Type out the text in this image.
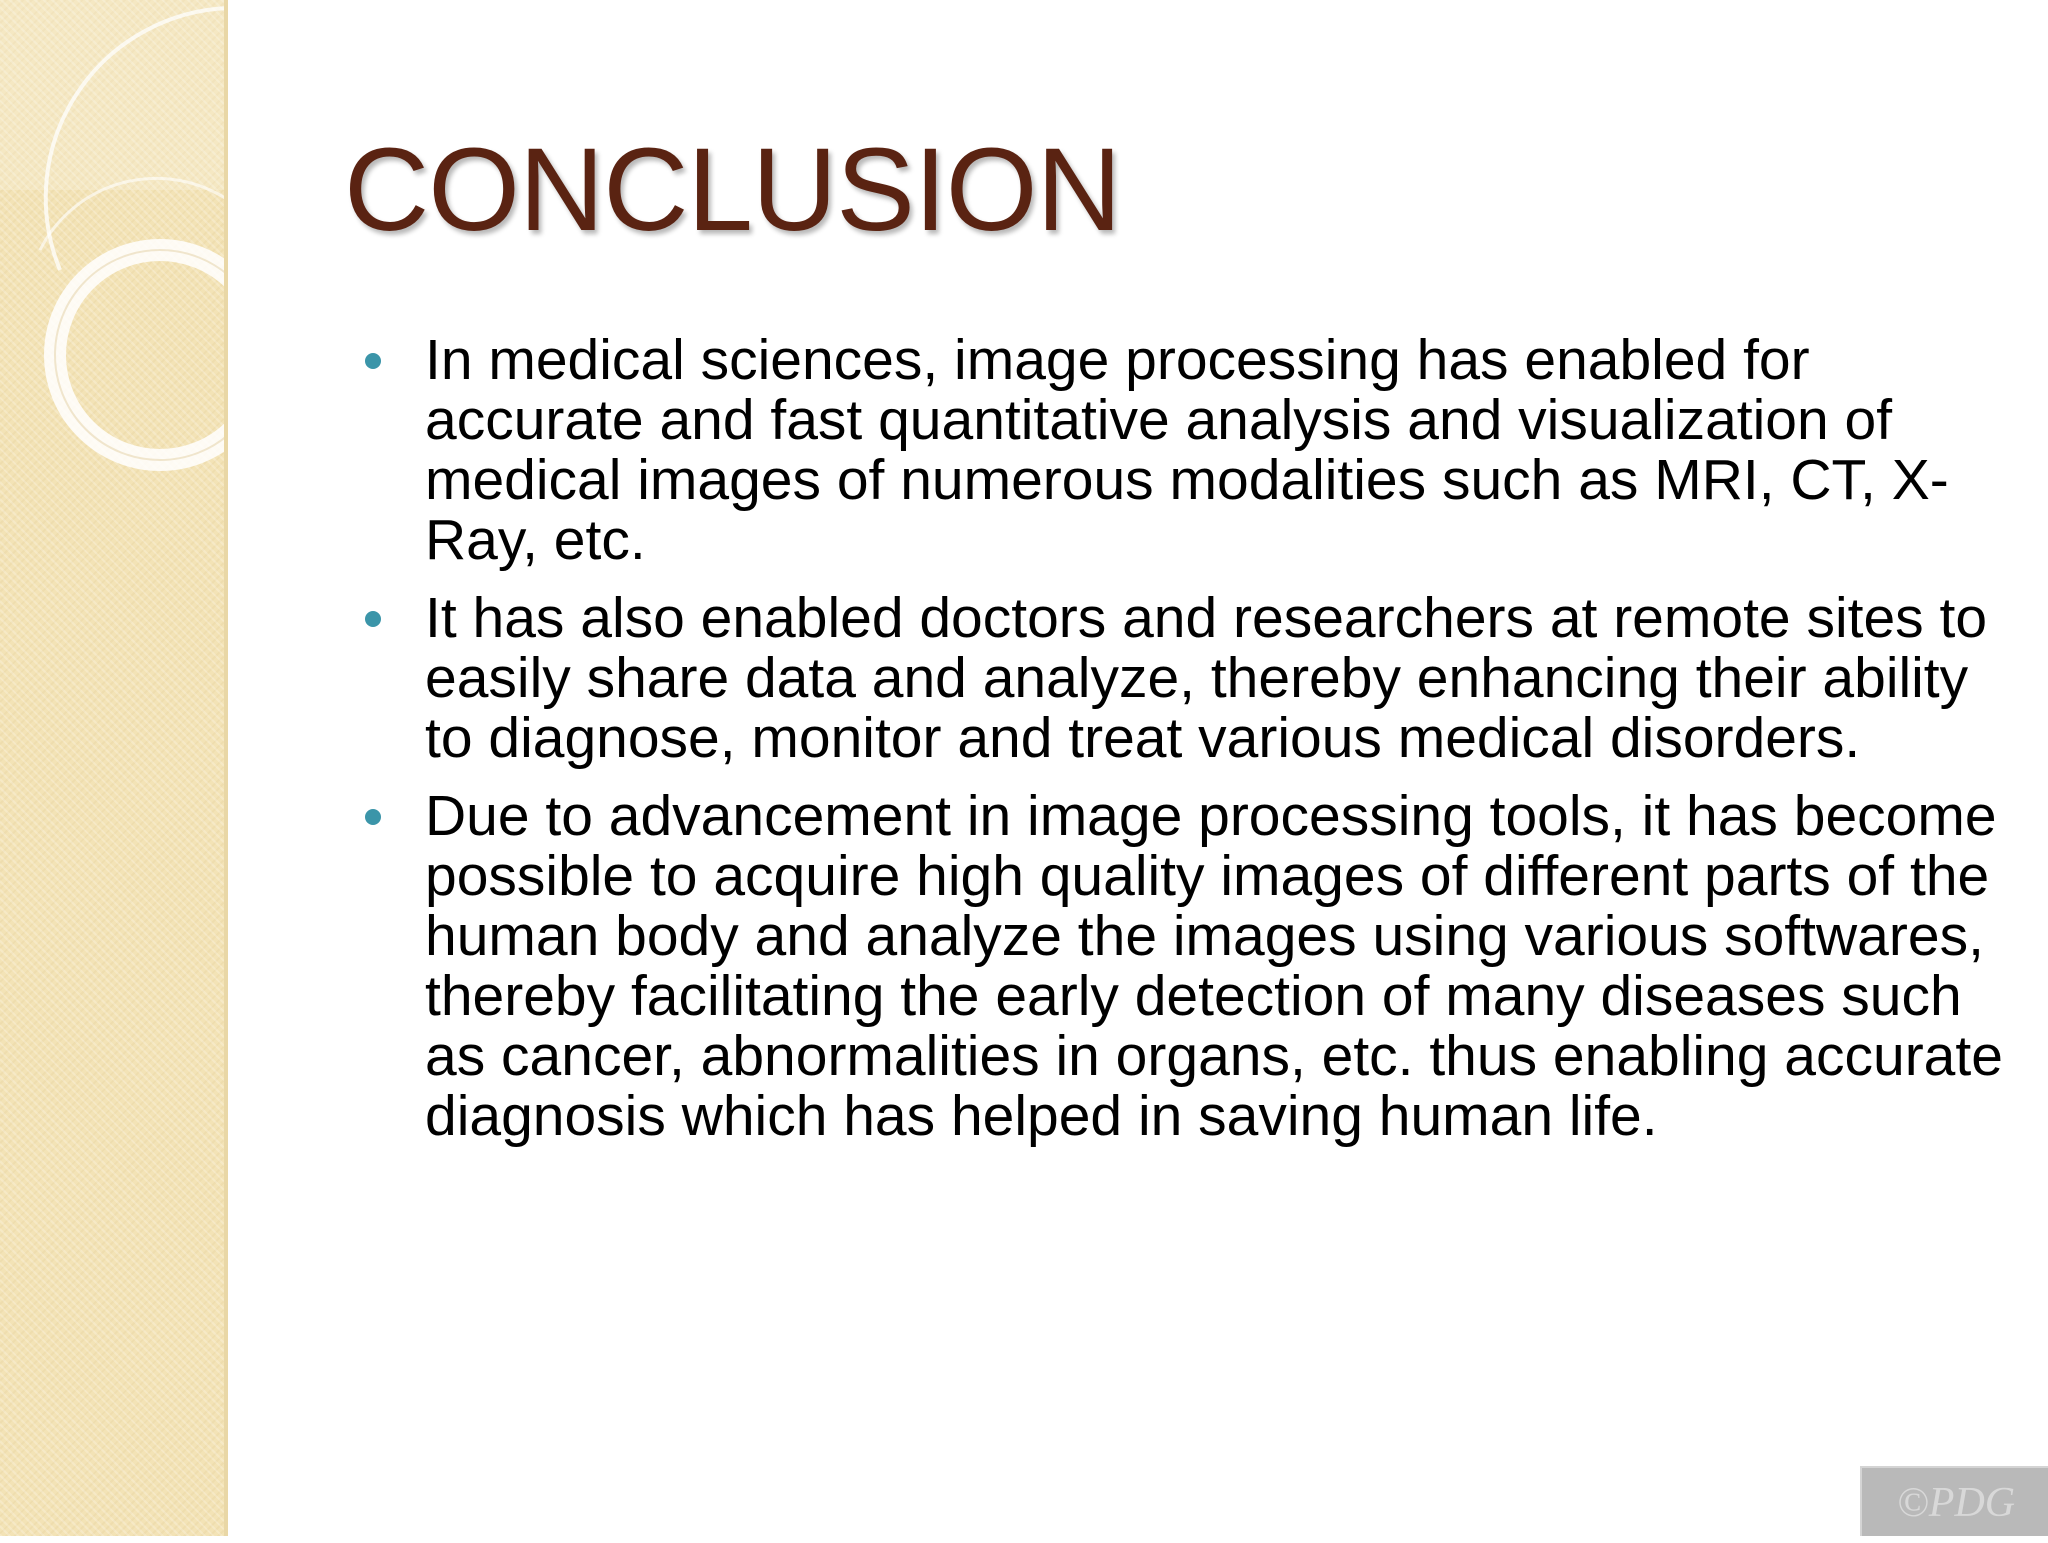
CONCLUSION
In medical sciences, image processing has enabled for accurate and fast quantitative analysis and visualization of medical images of numerous modalities such as MRI, CT, X-Ray, etc.
It has also enabled doctors and researchers at remote sites to easily share data and analyze, thereby enhancing their ability to diagnose, monitor and treat various medical disorders.
Due to advancement in image processing tools, it has become possible to acquire high quality images of different parts of the human body and analyze the images using various softwares, thereby facilitating the early detection of many diseases such as cancer, abnormalities in organs, etc. thus enabling accurate diagnosis which has helped in saving human life.
©PDG
